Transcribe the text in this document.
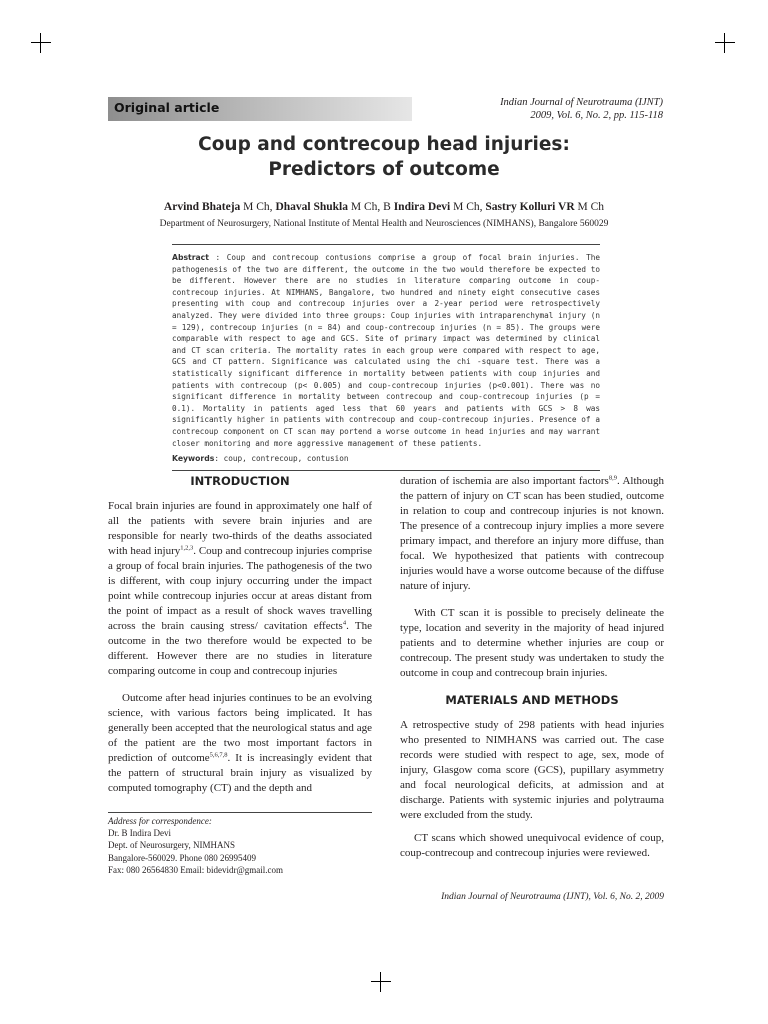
Original article	Indian Journal of Neurotrauma (IJNT)
2009, Vol. 6, No. 2, pp. 115-118
Coup and contrecoup head injuries:
Predictors of outcome
Arvind Bhateja M Ch, Dhaval Shukla M Ch, B Indira Devi M Ch, Sastry Kolluri VR M Ch
Department of Neurosurgery, National Institute of Mental Health and Neurosciences (NIMHANS), Bangalore 560029
Abstract : Coup and contrecoup contusions comprise a group of focal brain injuries. The pathogenesis of the two are different, the outcome in the two would therefore be expected to be different. However there are no studies in literature comparing outcome in coup-contrecoup injuries. At NIMHANS, Bangalore, two hundred and ninety eight consecutive cases presenting with coup and contrecoup injuries over a 2-year period were retrospectively analyzed. They were divided into three groups: Coup injuries with intraparenchymal injury (n = 129), contrecoup injuries (n = 84) and coup-contrecoup injuries (n = 85). The groups were comparable with respect to age and GCS. Site of primary impact was determined by clinical and CT scan criteria. The mortality rates in each group were compared with respect to age, GCS and CT pattern. Significance was calculated using the chi -square test. There was a statistically significant difference in mortality between patients with coup injuries and patients with contrecoup (p< 0.005) and coup-contrecoup injuries (p<0.001). There was no significant difference in mortality between contrecoup and coup-contrecoup injuries (p = 0.1). Mortality in patients aged less that 60 years and patients with GCS > 8 was significantly higher in patients with contrecoup and coup-contrecoup injuries. Presence of a contrecoup component on CT scan may portend a worse outcome in head injuries and may warrant closer monitoring and more aggressive management of these patients.
Keywords: coup, contrecoup, contusion
INTRODUCTION

Focal brain injuries are found in approximately one half of all the patients with severe brain injuries and are responsible for nearly two-thirds of the deaths associated with head injury$^{1,2,3}$. Coup and contrecoup injuries comprise a group of focal brain injuries. The pathogenesis of the two is different, with coup injury occurring under the impact point while contrecoup injuries occur at areas distant from the point of impact as a result of shock waves travelling across the brain causing stress/ cavitation effects$^4$. The outcome in the two therefore would be expected to be different. However there are no studies in literature comparing outcome in coup and contrecoup injuries

Outcome after head injuries continues to be an evolving science, with various factors being implicated. It has generally been accepted that the neurological status and age of the patient are the two most important factors in prediction of outcome$^{5,6,7,8}$. It is increasingly evident that the pattern of structural brain injury as visualized by computed tomography (CT) and the depth and

Address for correspondence:
Dr. B Indira Devi
Dept. of Neurosurgery, NIMHANS
Bangalore-560029. Phone 080 26995409
Fax: 080 26564830 Email: bidevidr@gmail.com

duration of ischemia are also important factors$^{8,9}$. Although the pattern of injury on CT scan has been studied, outcome in relation to coup and contrecoup injuries is not known. The presence of a contrecoup injury implies a more severe primary impact, and therefore an injury more diffuse, than focal. We hypothesized that patients with contrecoup injuries would have a worse outcome because of the diffuse nature of injury.

With CT scan it is possible to precisely delineate the type, location and severity in the majority of head injured patients and to determine whether injuries are coup or contrecoup. The present study was undertaken to study the outcome in coup and contrecoup brain injuries.

MATERIALS AND METHODS

A retrospective study of 298 patients with head injuries who presented to NIMHANS was carried out. The case records were studied with respect to age, sex, mode of injury, Glasgow coma score (GCS), pupillary asymmetry and focal neurological deficits, at admission and at discharge. Patients with systemic injuries and polytrauma were excluded from the study.

CT scans which showed unequivocal evidence of coup, coup-contrecoup and contrecoup injuries were reviewed.

Indian Journal of Neurotrauma (IJNT), Vol. 6, No. 2, 2009
